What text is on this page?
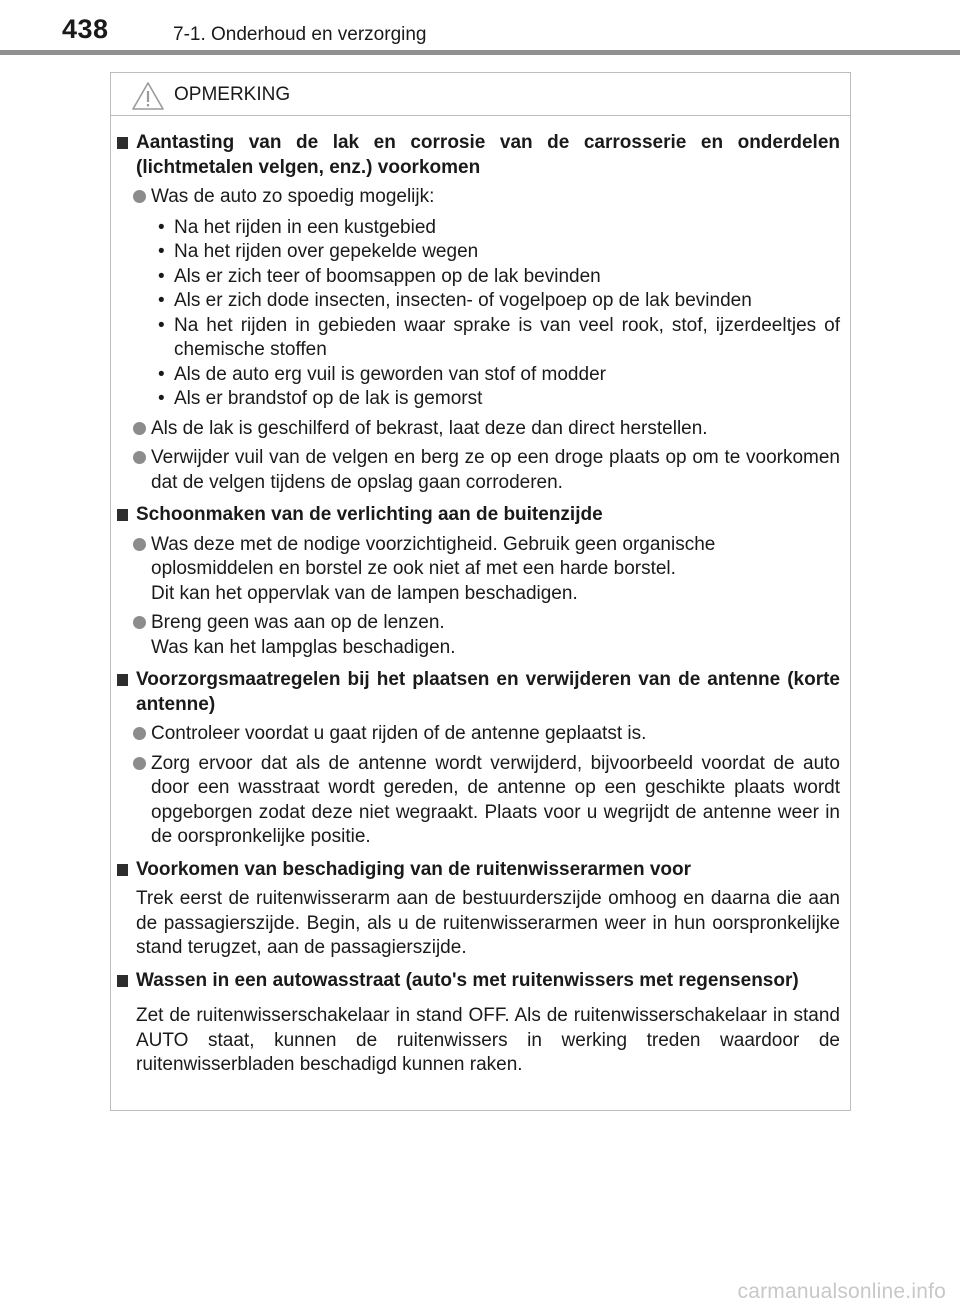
438	7-1. Onderhoud en verzorging
OPMERKING
Aantasting van de lak en corrosie van de carrosserie en onderdelen (lichtmetalen velgen, enz.) voorkomen
Was de auto zo spoedig mogelijk:
• Na het rijden in een kustgebied
• Na het rijden over gepekelde wegen
• Als er zich teer of boomsappen op de lak bevinden
• Als er zich dode insecten, insecten- of vogelpoep op de lak bevinden
• Na het rijden in gebieden waar sprake is van veel rook, stof, ijzerdeeltjes of chemische stoffen
• Als de auto erg vuil is geworden van stof of modder
• Als er brandstof op de lak is gemorst
Als de lak is geschilferd of bekrast, laat deze dan direct herstellen.
Verwijder vuil van de velgen en berg ze op een droge plaats op om te voorkomen dat de velgen tijdens de opslag gaan corroderen.
Schoonmaken van de verlichting aan de buitenzijde
Was deze met de nodige voorzichtigheid. Gebruik geen organische oplosmiddelen en borstel ze ook niet af met een harde borstel.
Dit kan het oppervlak van de lampen beschadigen.
Breng geen was aan op de lenzen.
Was kan het lampglas beschadigen.
Voorzorgsmaatregelen bij het plaatsen en verwijderen van de antenne (korte antenne)
Controleer voordat u gaat rijden of de antenne geplaatst is.
Zorg ervoor dat als de antenne wordt verwijderd, bijvoorbeeld voordat de auto door een wasstraat wordt gereden, de antenne op een geschikte plaats wordt opgeborgen zodat deze niet wegraakt. Plaats voor u wegrijdt de antenne weer in de oorspronkelijke positie.
Voorkomen van beschadiging van de ruitenwisserarmen voor
Trek eerst de ruitenwisserarm aan de bestuurderszijde omhoog en daarna die aan de passagierszijde. Begin, als u de ruitenwisserarmen weer in hun oorspronkelijke stand terugzet, aan de passagierszijde.
Wassen in een autowasstraat (auto's met ruitenwissers met regensensor)
Zet de ruitenwisserschakelaar in stand OFF. Als de ruitenwisserschakelaar in stand AUTO staat, kunnen de ruitenwissers in werking treden waardoor de ruitenwisserbladen beschadigd kunnen raken.
carmanualsonline.info
